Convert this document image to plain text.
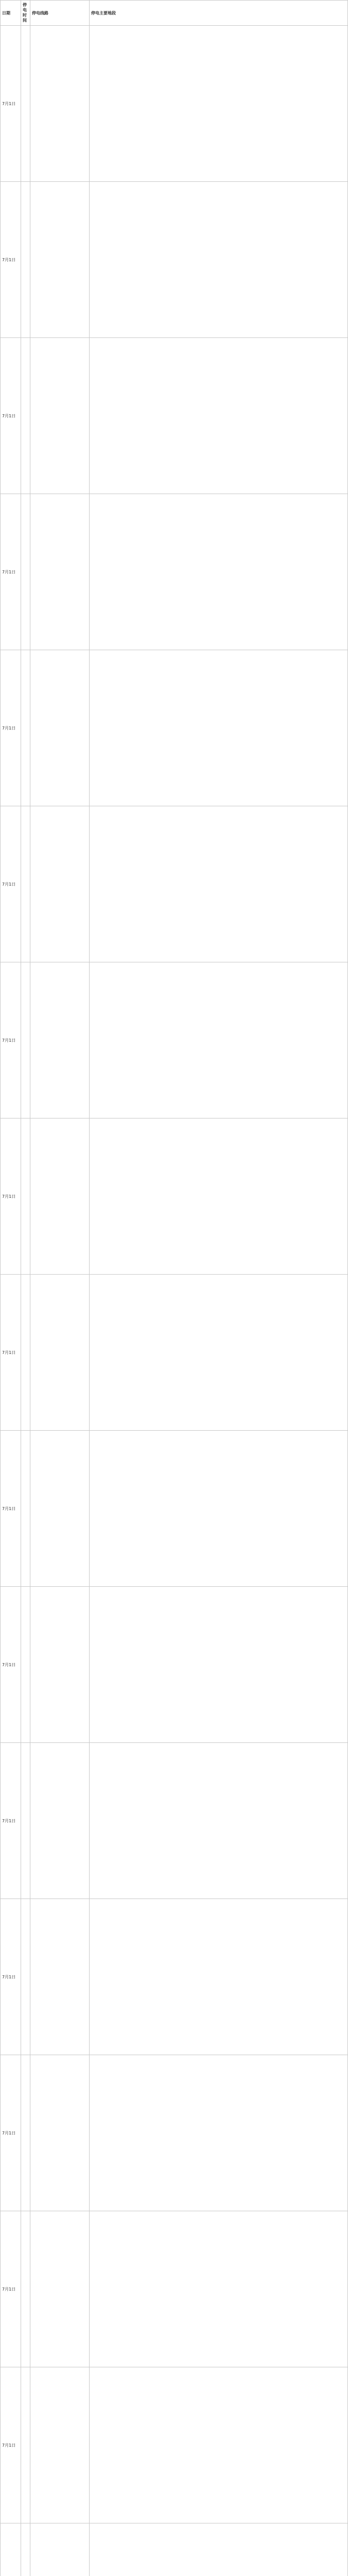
日期	停电时间	停电线路	停电主要地段
7月1日			
7月1日			
7月1日			
7月1日			
7月1日			
7月1日			
7月1日			
7月1日			
7月1日			
7月1日			
7月1日			
7月1日			
7月1日			
7月1日			
7月1日			
7月1日			
